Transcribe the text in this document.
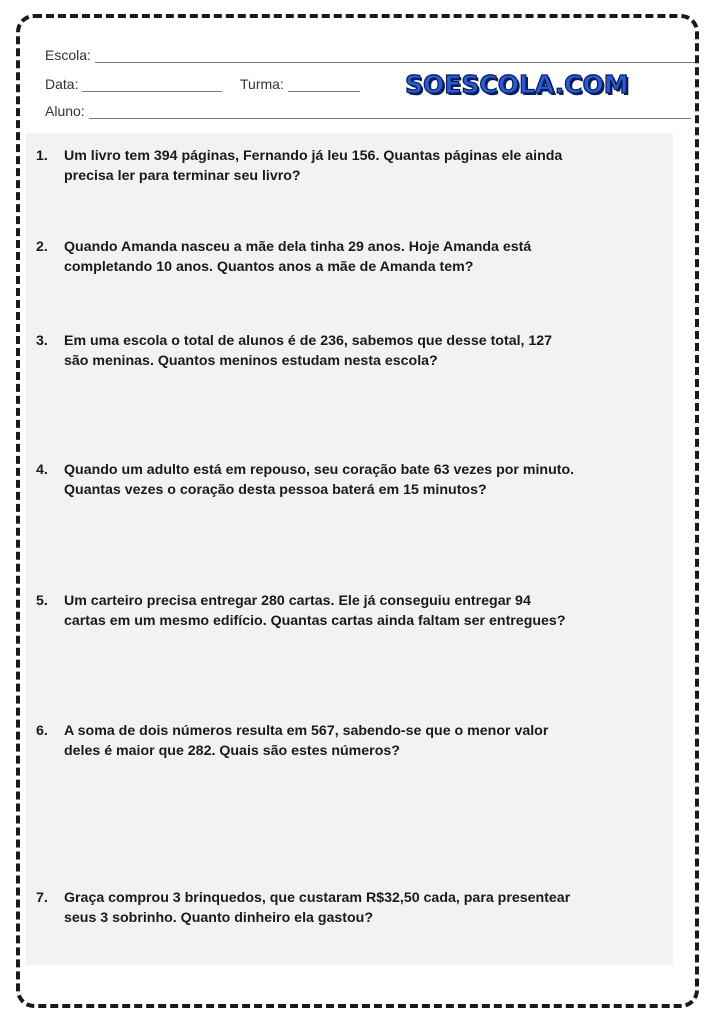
Escola:
Data:	Turma:	SOESCOLA.COM
Aluno:
1.	Um livro tem 394 páginas, Fernando já leu 156. Quantas páginas ele ainda
precisa ler para terminar seu livro?
2.	Quando Amanda nasceu a mãe dela tinha 29 anos. Hoje Amanda está
completando 10 anos. Quantos anos a mãe de Amanda tem?
3.	Em uma escola o total de alunos é de 236, sabemos que desse total, 127
são meninas. Quantos meninos estudam nesta escola?
4.	Quando um adulto está em repouso, seu coração bate 63 vezes por minuto.
Quantas vezes o coração desta pessoa baterá em 15 minutos?
5.	Um carteiro precisa entregar 280 cartas. Ele já conseguiu entregar 94
cartas em um mesmo edifício. Quantas cartas ainda faltam ser entregues?
6.	A soma de dois números resulta em 567, sabendo-se que o menor valor
deles é maior que 282. Quais são estes números?
7.	Graça comprou 3 brinquedos, que custaram R$32,50 cada, para presentear
seus 3 sobrinho. Quanto dinheiro ela gastou?
